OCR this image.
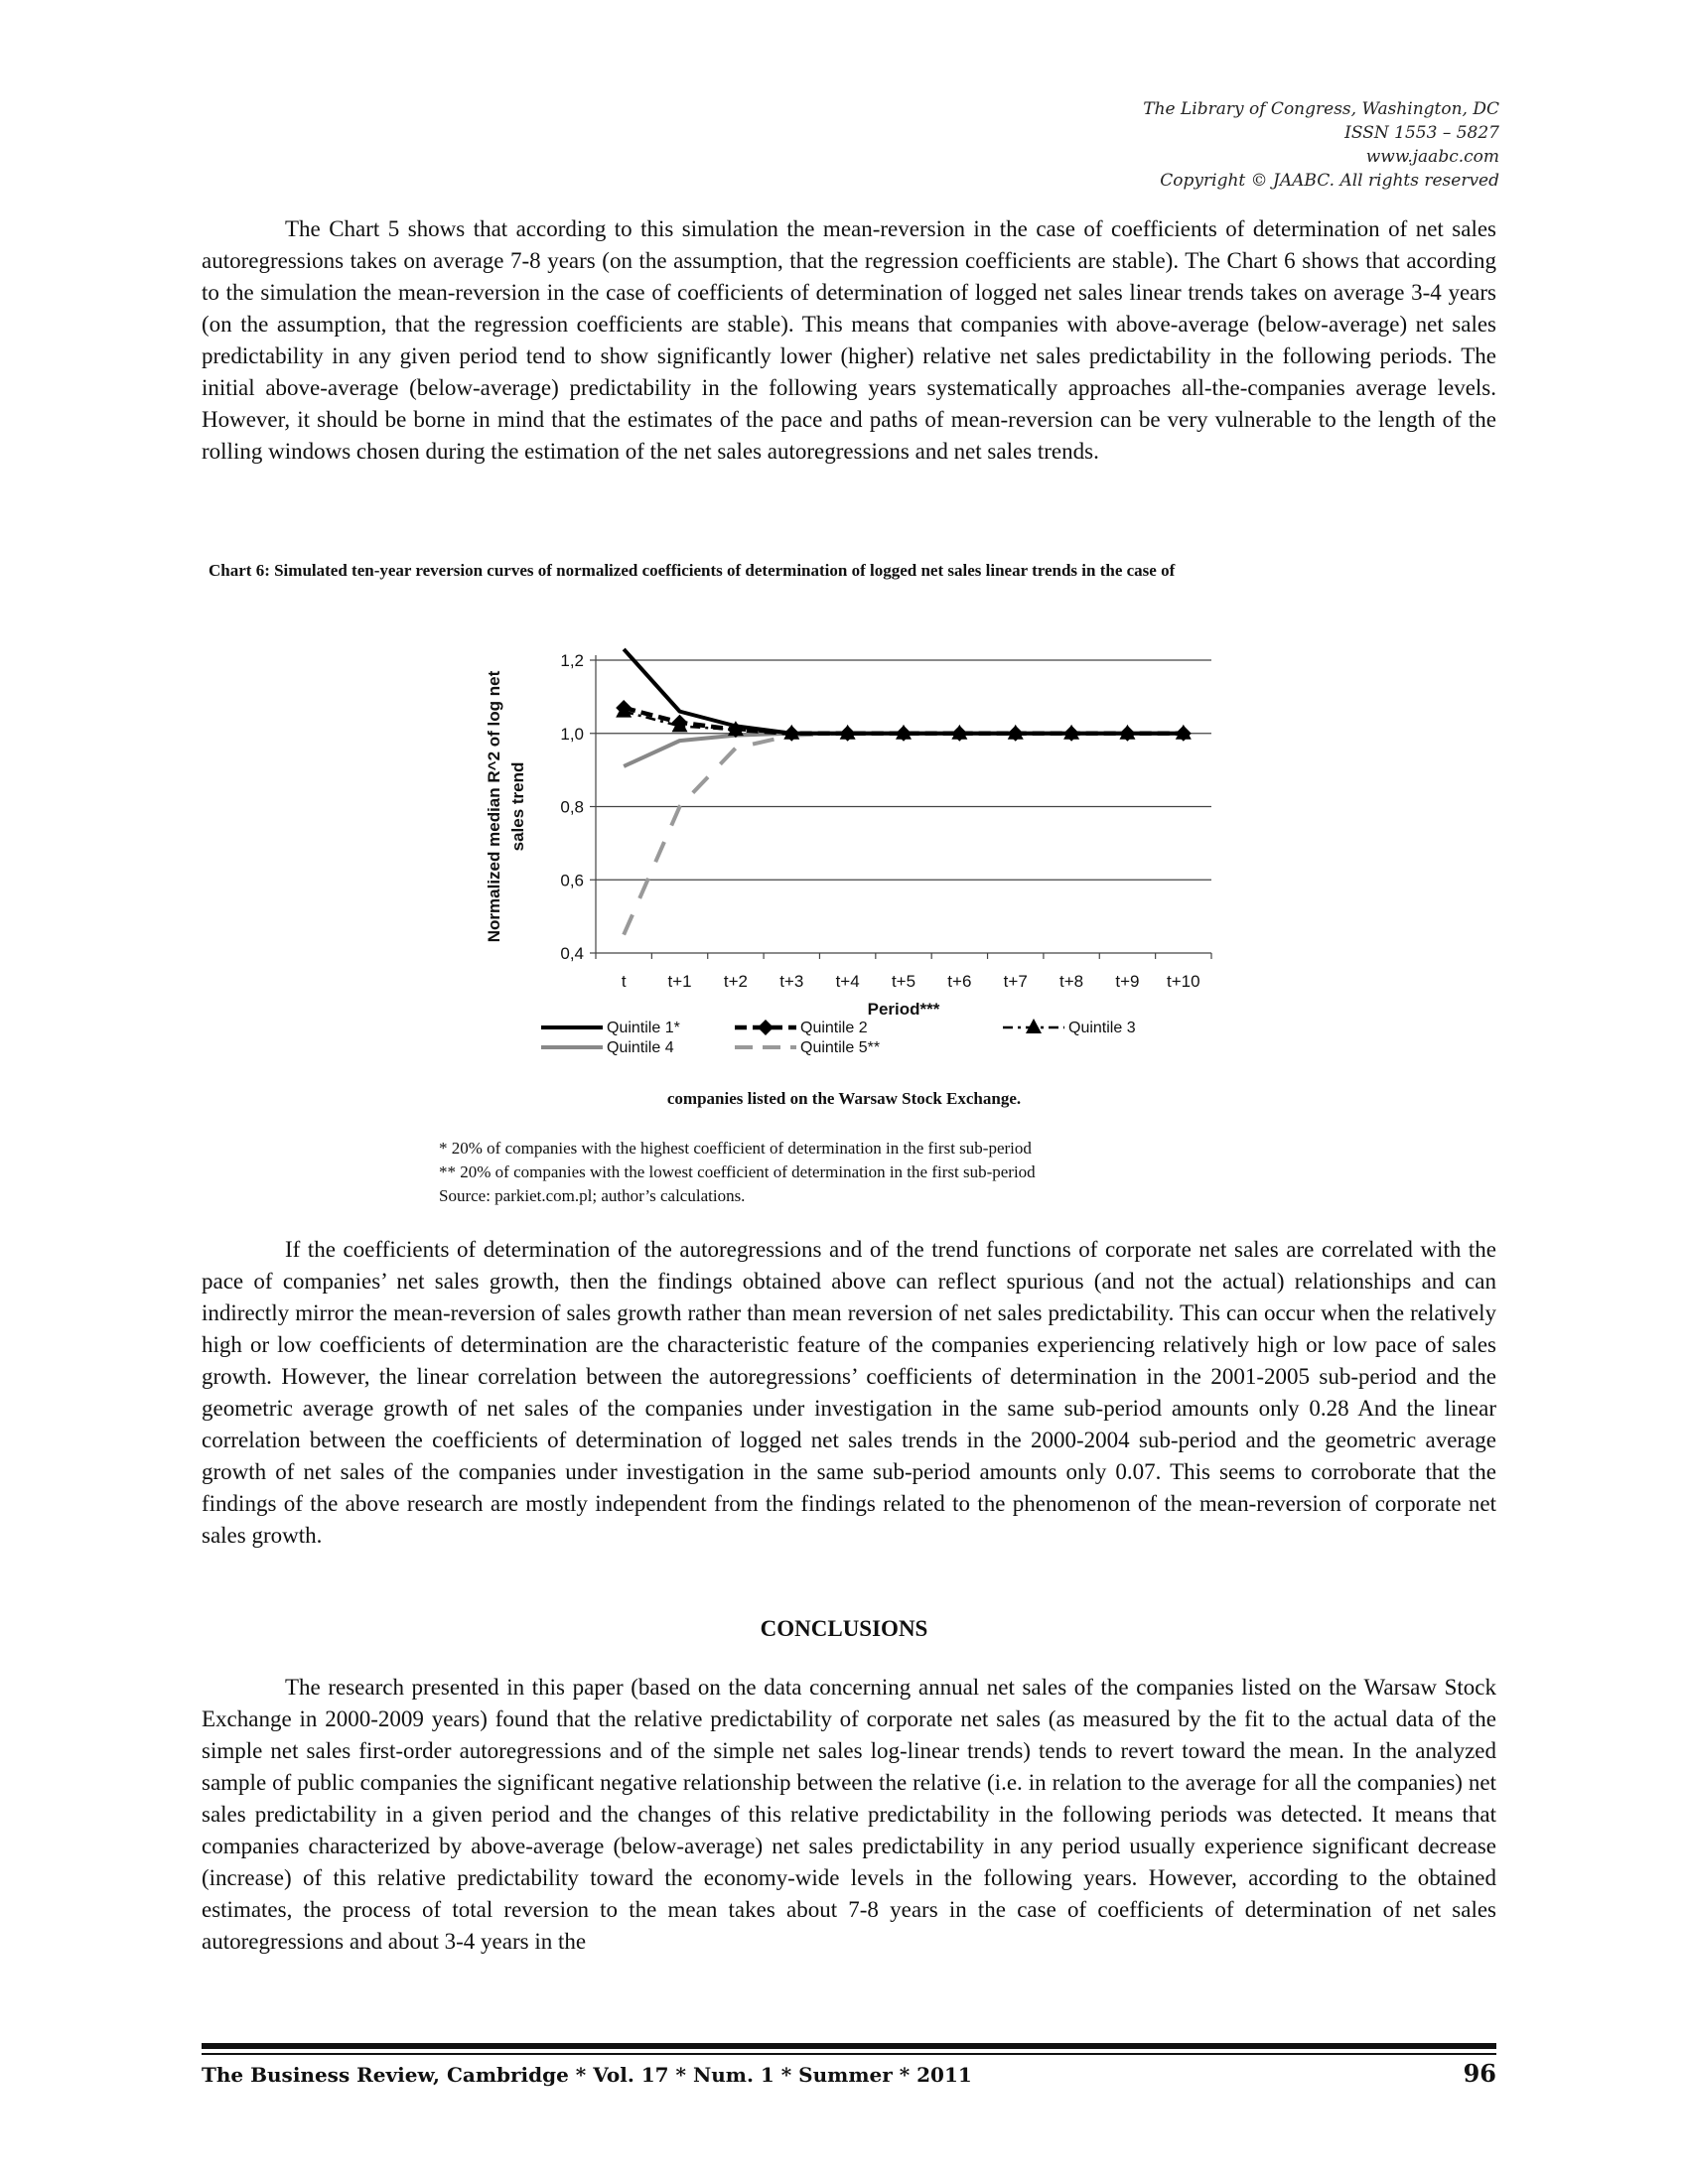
The Library of Congress, Washington, DC
ISSN 1553 – 5827
www.jaabc.com
Copyright © JAABC. All rights reserved

The Chart 5 shows that according to this simulation the mean-reversion in the case of coefficients of determination of net sales autoregressions takes on average 7-8 years (on the assumption, that the regression coefficients are stable). The Chart 6 shows that according to the simulation the mean-reversion in the case of coefficients of determination of logged net sales linear trends takes on average 3-4 years (on the assumption, that the regression coefficients are stable). This means that companies with above-average (below-average) net sales predictability in any given period tend to show significantly lower (higher) relative net sales predictability in the following periods. The initial above-average (below-average) predictability in the following years systematically approaches all-the-companies average levels. However, it should be borne in mind that the estimates of the pace and paths of mean-reversion can be very vulnerable to the length of the rolling windows chosen during the estimation of the net sales autoregressions and net sales trends.

Chart 6: Simulated ten-year reversion curves of normalized coefficients of determination of logged net sales linear trends in the case of

0,4
0,6
0,8
1,0
1,2
t t+1 t+2 t+3 t+4 t+5 t+6 t+7 t+8 t+9 t+10
Period***
Normalized median R^2 of log net sales trend
Quintile 1*	Quintile 2	Quintile 3
Quintile 4	Quintile 5**

companies listed on the Warsaw Stock Exchange.

* 20% of companies with the highest coefficient of determination in the first sub-period
** 20% of companies with the lowest coefficient of determination in the first sub-period
Source: parkiet.com.pl; author’s calculations.

If the coefficients of determination of the autoregressions and of the trend functions of corporate net sales are correlated with the pace of companies’ net sales growth, then the findings obtained above can reflect spurious (and not the actual) relationships and can indirectly mirror the mean-reversion of sales growth rather than mean reversion of net sales predictability. This can occur when the relatively high or low coefficients of determination are the characteristic feature of the companies experiencing relatively high or low pace of sales growth. However, the linear correlation between the autoregressions’ coefficients of determination in the 2001-2005 sub-period and the geometric average growth of net sales of the companies under investigation in the same sub-period amounts only 0.28 And the linear correlation between the coefficients of determination of logged net sales trends in the 2000-2004 sub-period and the geometric average growth of net sales of the companies under investigation in the same sub-period amounts only 0.07. This seems to corroborate that the findings of the above research are mostly independent from the findings related to the phenomenon of the mean-reversion of corporate net sales growth.

CONCLUSIONS

The research presented in this paper (based on the data concerning annual net sales of the companies listed on the Warsaw Stock Exchange in 2000-2009 years) found that the relative predictability of corporate net sales (as measured by the fit to the actual data of the simple net sales first-order autoregressions and of the simple net sales log-linear trends) tends to revert toward the mean. In the analyzed sample of public companies the significant negative relationship between the relative (i.e. in relation to the average for all the companies) net sales predictability in a given period and the changes of this relative predictability in the following periods was detected. It means that companies characterized by above-average (below-average) net sales predictability in any period usually experience significant decrease (increase) of this relative predictability toward the economy-wide levels in the following years. However, according to the obtained estimates, the process of total reversion to the mean takes about 7-8 years in the case of coefficients of determination of net sales autoregressions and about 3-4 years in the

The Business Review, Cambridge * Vol. 17 * Num. 1 * Summer * 2011	96
